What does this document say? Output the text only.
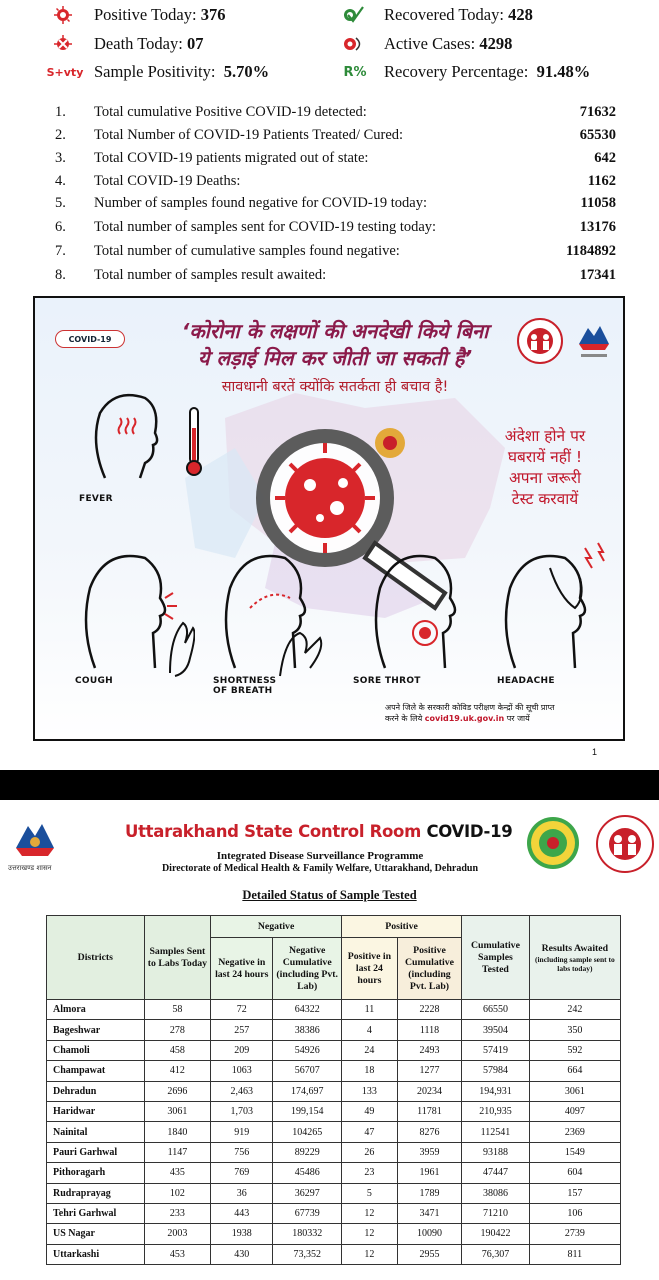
Positive Today:
376	Recovered Today:
428
Death Today:
07	Active Cases:
4298
S+vty Sample Positivity:
5.70%	R% Recovery Percentage:
91.48%
1. Total cumulative Positive COVID-19 detected:	71632
2. Total Number of COVID-19 Patients Treated/ Cured:	65530
3. Total COVID-19 patients migrated out of state:	642
4. Total COVID-19 Deaths:	1162
5. Number of samples found negative for COVID-19 today:	11058
6. Total number of samples sent for COVID-19 testing today:	13176
7. Total number of cumulative samples found negative:	1184892
8. Total number of samples result awaited:	17341
COVID-19	‘कोरोना के लक्षणों की अनदेखी किये बिना
ये लड़ाई मिल कर जीती जा सकती है’
सावधानी बरतें क्योंकि सतर्कता ही बचाव है!
अंदेशा होने पर
घबरायें नहीं !
अपना जरूरी
टेस्ट करवायें
FEVER
COUGH	SHORTNESS
OF BREATH
SORE THROT	HEADACHE
अपने जिले के सरकारी कोविड परीक्षण केन्द्रों की सूची प्राप्त
करने के लिये covid19.uk.gov.in पर जायें
1
उत्तराखण्ड शासन
Uttarakhand State Control Room COVID-19
Integrated Disease Surveillance Programme
Directorate of Medical Health & Family Welfare, Uttarakhand, Dehradun
Detailed Status of Sample Tested
Districts	Samples Sent to Labs Today	Negative		Positive		Cumulative Samples Tested	Results Awaited
(including sample sent to labs today)

		Negative in last 24 hours	Negative Cumulative (including Pvt. Lab)	Positive in last 24 hours	Positive Cumulative (including Pvt. Lab)		
Almora	58	72	64322	11	2228	66550	242
Bageshwar	278	257	38386	4	1118	39504	350
Chamoli	458	209	54926	24	2493	57419	592
Champawat	412	1063	56707	18	1277	57984	664
Dehradun	2696	2,463	174,697	133	20234	194,931	3061
Haridwar	3061	1,703	199,154	49	11781	210,935	4097
Nainital	1840	919	104265	47	8276	112541	2369
Pauri Garhwal	1147	756	89229	26	3959	93188	1549
Pithoragarh	435	769	45486	23	1961	47447	604
Rudraprayag	102	36	36297	5	1789	38086	157
Tehri Garhwal	233	443	67739	12	3471	71210	106
US Nagar	2003	1938	180332	12	10090	190422	2739
Uttarkashi	453	430	73,352	12	2955	76,307	811
